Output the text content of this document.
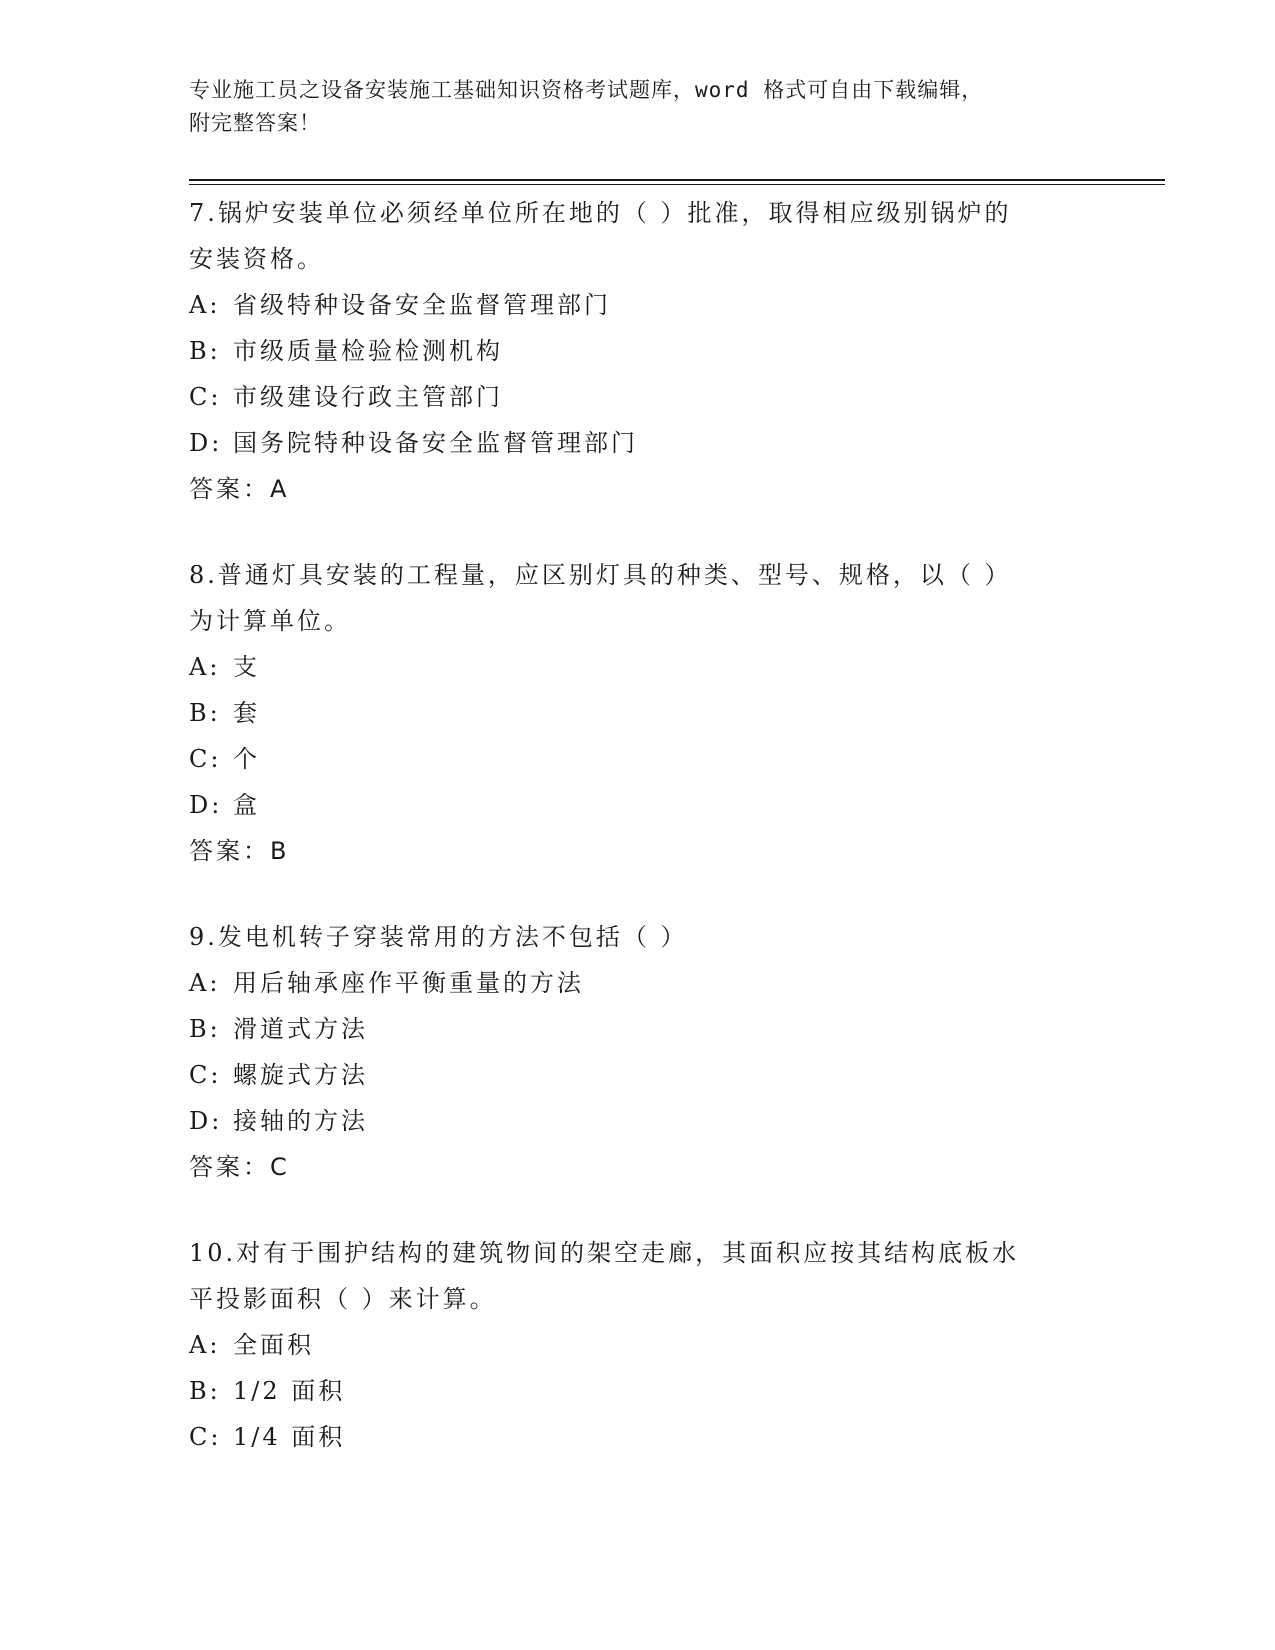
专业施工员之设备安装施工基础知识资格考试题库，word 格式可自由下载编辑，
附完整答案！
7.锅炉安装单位必须经单位所在地的（ ）批准，取得相应级别锅炉的
安装资格。
A: 省级特种设备安全监督管理部门
B: 市级质量检验检测机构
C: 市级建设行政主管部门
D: 国务院特种设备安全监督管理部门
答案：A
8.普通灯具安装的工程量，应区别灯具的种类、型号、规格，以（ ）
为计算单位。
A: 支
B: 套
C: 个
D: 盒
答案：B
9.发电机转子穿装常用的方法不包括（ ）
A: 用后轴承座作平衡重量的方法
B: 滑道式方法
C: 螺旋式方法
D: 接轴的方法
答案：C
10.对有于围护结构的建筑物间的架空走廊，其面积应按其结构底板水
平投影面积（ ）来计算。
A: 全面积
B: 1/2 面积
C: 1/4 面积
